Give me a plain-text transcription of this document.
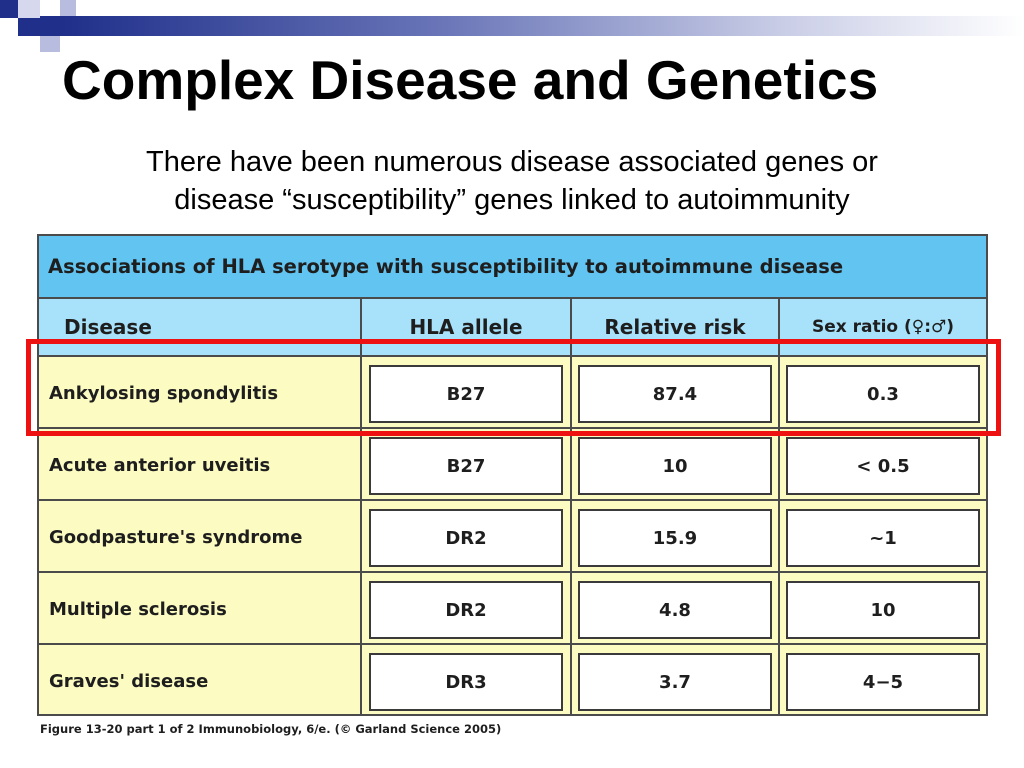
Complex Disease and Genetics
There have been numerous disease associated genes or
disease “susceptibility” genes linked to autoimmunity
Associations of HLA serotype with susceptibility to autoimmune disease
Disease	HLA allele	Relative risk	Sex ratio (♀:♂)
Ankylosing spondylitis	B27	87.4	0.3
Acute anterior uveitis	B27	10	< 0.5
Goodpasture's syndrome	DR2	15.9	~1
Multiple sclerosis	DR2	4.8	10
Graves' disease	DR3	3.7	4−5
Figure 13-20 part 1 of 2 Immunobiology, 6/e. (© Garland Science 2005)
